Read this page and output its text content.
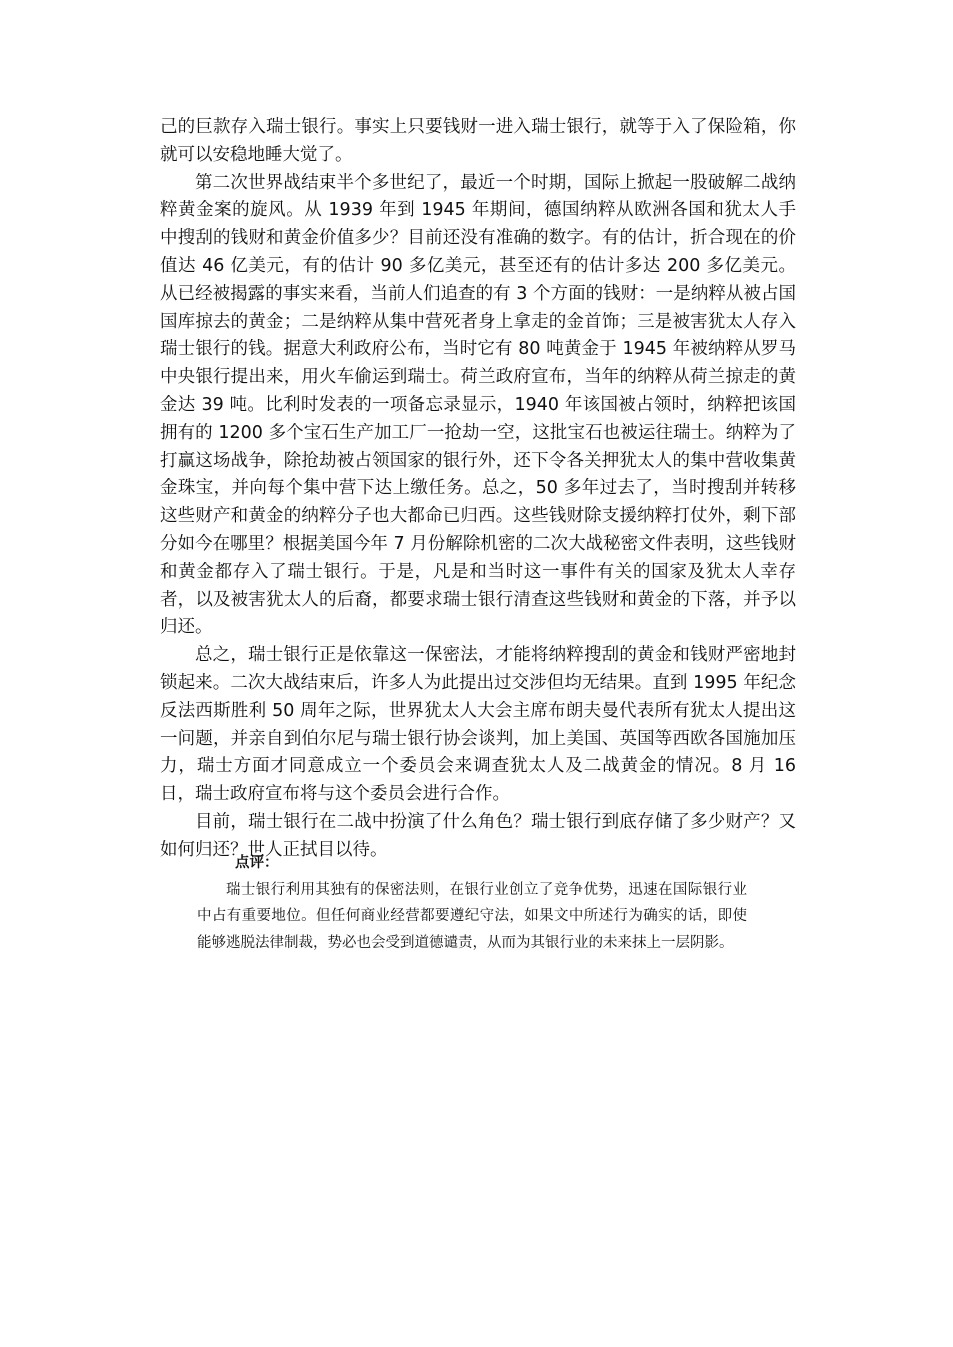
己的巨款存入瑞士银行。事实上只要钱财一进入瑞士银行，就等于入了保险箱，你就可以安稳地睡大觉了。

第二次世界战结束半个多世纪了，最近一个时期，国际上掀起一股破解二战纳粹黄金案的旋风。从 1939 年到 1945 年期间，德国纳粹从欧洲各国和犹太人手中搜刮的钱财和黄金价值多少？目前还没有准确的数字。有的估计，折合现在的价值达 46 亿美元，有的估计 90 多亿美元，甚至还有的估计多达 200 多亿美元。从已经被揭露的事实来看，当前人们追查的有 3 个方面的钱财：一是纳粹从被占国国库掠去的黄金；二是纳粹从集中营死者身上拿走的金首饰；三是被害犹太人存入瑞士银行的钱。据意大利政府公布，当时它有 80 吨黄金于 1945 年被纳粹从罗马中央银行提出来，用火车偷运到瑞士。荷兰政府宣布，当年的纳粹从荷兰掠走的黄金达 39 吨。比利时发表的一项备忘录显示，1940 年该国被占领时，纳粹把该国拥有的 1200 多个宝石生产加工厂一抢劫一空，这批宝石也被运往瑞士。纳粹为了打赢这场战争，除抢劫被占领国家的银行外，还下令各关押犹太人的集中营收集黄金珠宝，并向每个集中营下达上缴任务。总之，50 多年过去了，当时搜刮并转移这些财产和黄金的纳粹分子也大都命已归西。这些钱财除支援纳粹打仗外，剩下部分如今在哪里？根据美国今年 7 月份解除机密的二次大战秘密文件表明，这些钱财和黄金都存入了瑞士银行。于是，凡是和当时这一事件有关的国家及犹太人幸存者，以及被害犹太人的后裔，都要求瑞士银行清查这些钱财和黄金的下落，并予以归还。

总之，瑞士银行正是依靠这一保密法，才能将纳粹搜刮的黄金和钱财严密地封锁起来。二次大战结束后，许多人为此提出过交涉但均无结果。直到 1995 年纪念反法西斯胜利 50 周年之际，世界犹太人大会主席布朗夫曼代表所有犹太人提出这一问题，并亲自到伯尔尼与瑞士银行协会谈判，加上美国、英国等西欧各国施加压力，瑞士方面才同意成立一个委员会来调查犹太人及二战黄金的情况。8 月 16 日，瑞士政府宣布将与这个委员会进行合作。

目前，瑞士银行在二战中扮演了什么角色？瑞士银行到底存储了多少财产？又如何归还？世人正拭目以待。

点评：

瑞士银行利用其独有的保密法则，在银行业创立了竞争优势，迅速在国际银行业中占有重要地位。但任何商业经营都要遵纪守法，如果文中所述行为确实的话，即使能够逃脱法律制裁，势必也会受到道德谴责，从而为其银行业的未来抹上一层阴影。
